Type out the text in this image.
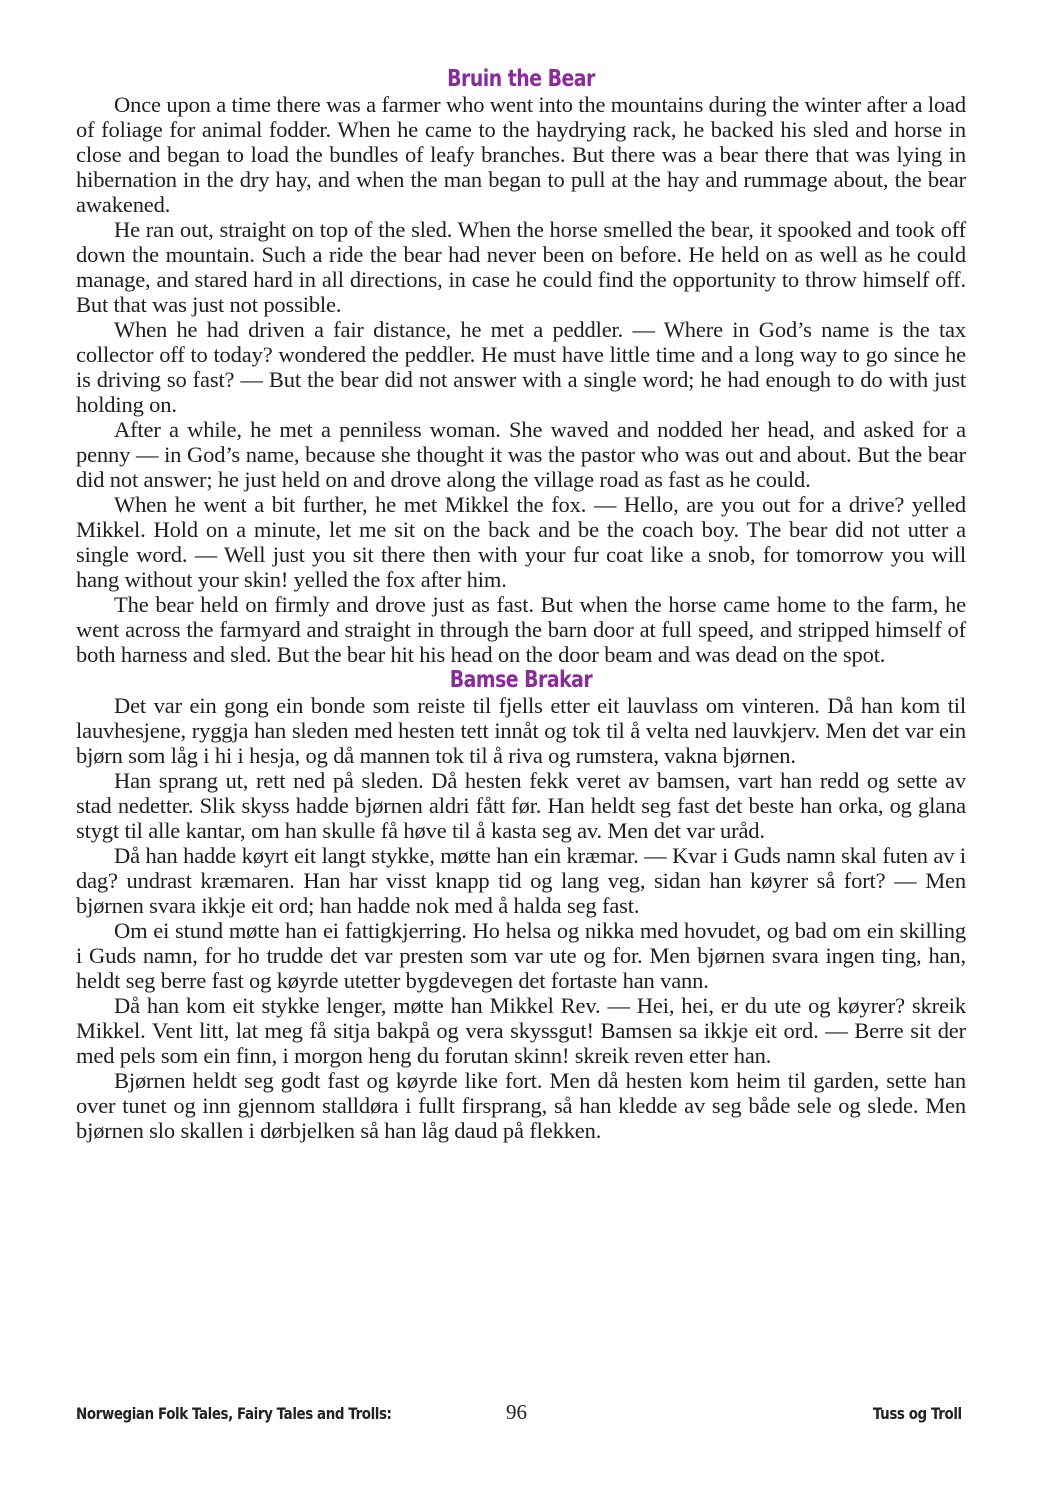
Bruin the Bear

Once upon a time there was a farmer who went into the mountains during the winter after a load of foliage for animal fodder. When he came to the haydrying rack, he backed his sled and horse in close and began to load the bundles of leafy branches. But there was a bear there that was lying in hibernation in the dry hay, and when the man began to pull at the hay and rummage about, the bear awakened.

He ran out, straight on top of the sled. When the horse smelled the bear, it spooked and took off down the mountain. Such a ride the bear had never been on before. He held on as well as he could manage, and stared hard in all directions, in case he could find the opportunity to throw himself off. But that was just not possible.

When he had driven a fair distance, he met a peddler. — Where in God’s name is the tax collector off to today? wondered the peddler. He must have little time and a long way to go since he is driving so fast? — But the bear did not answer with a single word; he had enough to do with just holding on.

After a while, he met a penniless woman. She waved and nodded her head, and asked for a penny — in God’s name, because she thought it was the pastor who was out and about. But the bear did not answer; he just held on and drove along the village road as fast as he could.

When he went a bit further, he met Mikkel the fox. — Hello, are you out for a drive? yelled Mikkel. Hold on a minute, let me sit on the back and be the coach boy. The bear did not utter a single word. — Well just you sit there then with your fur coat like a snob, for tomorrow you will hang without your skin! yelled the fox after him.

The bear held on firmly and drove just as fast. But when the horse came home to the farm, he went across the farmyard and straight in through the barn door at full speed, and stripped himself of both harness and sled. But the bear hit his head on the door beam and was dead on the spot.

Bamse Brakar

Det var ein gong ein bonde som reiste til fjells etter eit lauvlass om vinteren. Då han kom til lauvhesjene, ryggja han sleden med hesten tett innåt og tok til å velta ned lauvkjerv. Men det var ein bjørn som låg i hi i hesja, og då mannen tok til å riva og rumstera, vakna bjørnen.

Han sprang ut, rett ned på sleden. Då hesten fekk veret av bamsen, vart han redd og sette av stad nedetter. Slik skyss hadde bjørnen aldri fått før. Han heldt seg fast det beste han orka, og glana stygt til alle kantar, om han skulle få høve til å kasta seg av. Men det var uråd.

Då han hadde køyrt eit langt stykke, møtte han ein kræmar. — Kvar i Guds namn skal futen av i dag? undrast kræmaren. Han har visst knapp tid og lang veg, sidan han køyrer så fort? — Men bjørnen svara ikkje eit ord; han hadde nok med å halda seg fast.

Om ei stund møtte han ei fattigkjerring. Ho helsa og nikka med hovudet, og bad om ein skilling i Guds namn, for ho trudde det var presten som var ute og for. Men bjørnen svara ingen ting, han, heldt seg berre fast og køyrde utetter bygdevegen det fortaste han vann.

Då han kom eit stykke lenger, møtte han Mikkel Rev. — Hei, hei, er du ute og køyrer? skreik Mikkel. Vent litt, lat meg få sitja bakpå og vera skyssgut! Bamsen sa ikkje eit ord. — Berre sit der med pels som ein finn, i morgon heng du forutan skinn! skreik reven etter han.

Bjørnen heldt seg godt fast og køyrde like fort. Men då hesten kom heim til garden, sette han over tunet og inn gjennom stalldøra i fullt firsprang, så han kledde av seg både sele og slede. Men bjørnen slo skallen i dørbjelken så han låg daud på flekken.

Norwegian Folk Tales, Fairy Tales and Trolls:	96	Tuss og Troll
